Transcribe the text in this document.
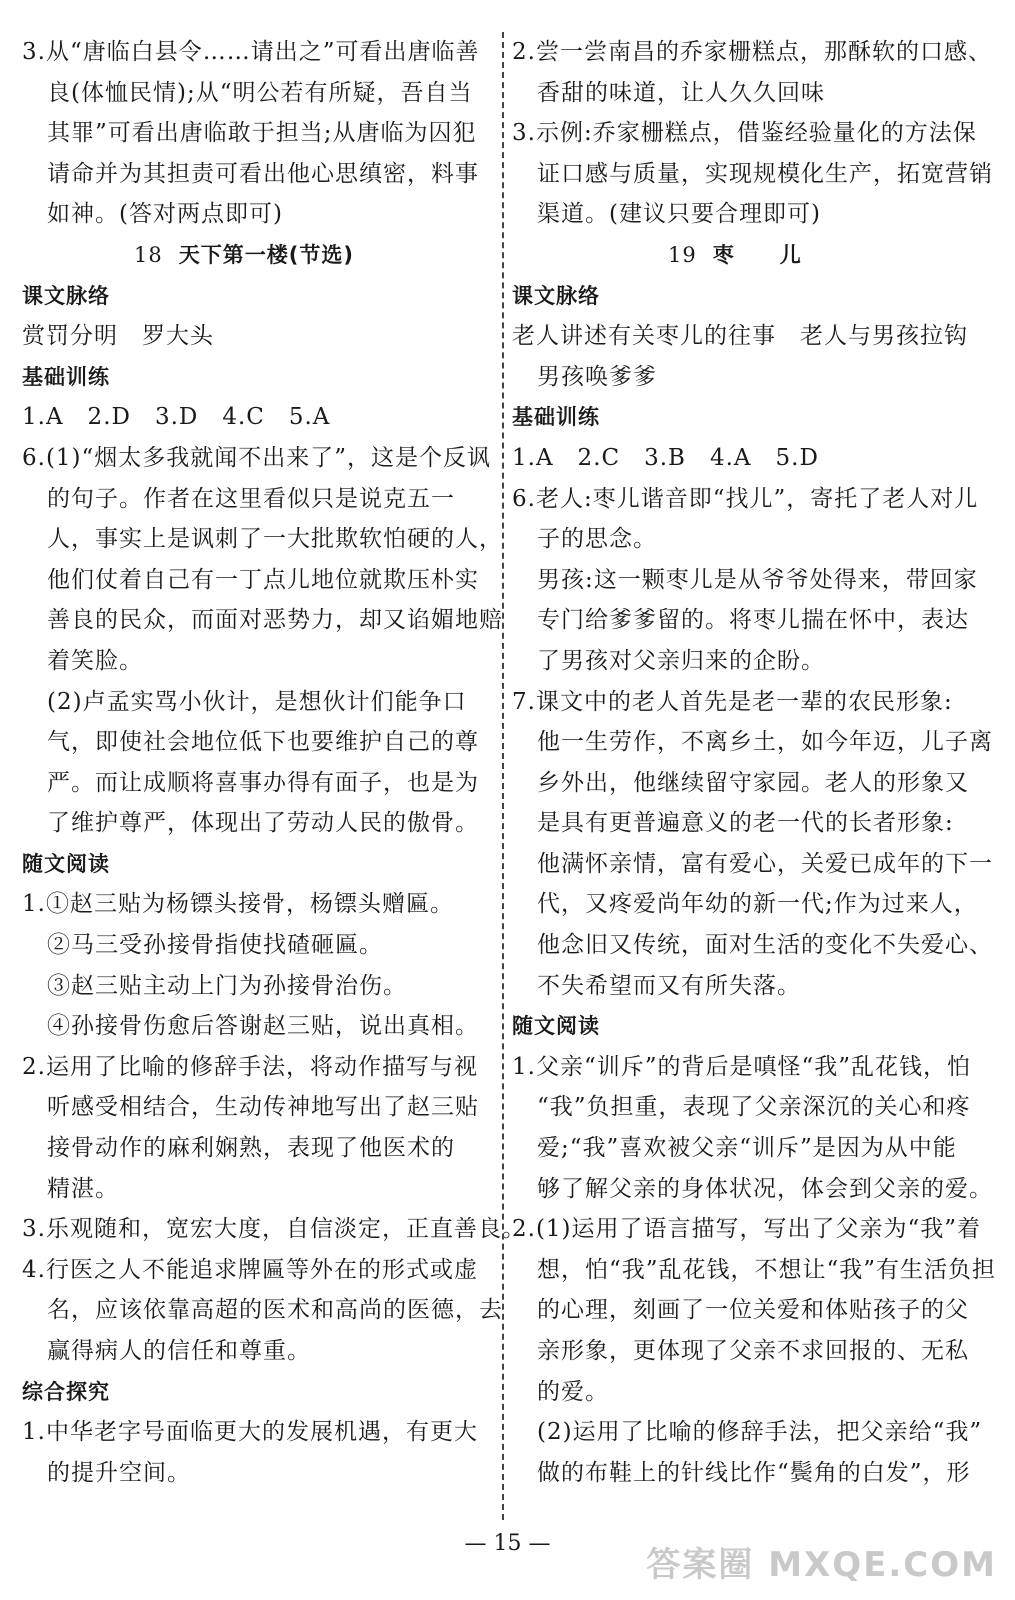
3.从“唐临白县令……请出之”可看出唐临善
良(体恤民情);从“明公若有所疑，吾自当
其罪”可看出唐临敢于担当;从唐临为囚犯
请命并为其担责可看出他心思缜密，料事
如神。(答对两点即可)
18 天下第一楼(节选)
课文脉络
赏罚分明　罗大头
基础训练
1.A　2.D　3.D　4.C　5.A
6.(1)“烟太多我就闻不出来了”，这是个反讽
的句子。作者在这里看似只是说克五一
人，事实上是讽刺了一大批欺软怕硬的人，
他们仗着自己有一丁点儿地位就欺压朴实
善良的民众，而面对恶势力，却又谄媚地赔
着笑脸。
(2)卢孟实骂小伙计，是想伙计们能争口
气，即使社会地位低下也要维护自己的尊
严。而让成顺将喜事办得有面子，也是为
了维护尊严，体现出了劳动人民的傲骨。
随文阅读
1.①赵三贴为杨镖头接骨，杨镖头赠匾。
②马三受孙接骨指使找碴砸匾。
③赵三贴主动上门为孙接骨治伤。
④孙接骨伤愈后答谢赵三贴，说出真相。
2.运用了比喻的修辞手法，将动作描写与视
听感受相结合，生动传神地写出了赵三贴
接骨动作的麻利娴熟，表现了他医术的
精湛。
3.乐观随和，宽宏大度，自信淡定，正直善良。
4.行医之人不能追求牌匾等外在的形式或虚
名，应该依靠高超的医术和高尚的医德，去
赢得病人的信任和尊重。
综合探究
1.中华老字号面临更大的发展机遇，有更大
的提升空间。
2.尝一尝南昌的乔家栅糕点，那酥软的口感、
香甜的味道，让人久久回味
3.示例:乔家栅糕点，借鉴经验量化的方法保
证口感与质量，实现规模化生产，拓宽营销
渠道。(建议只要合理即可)
19 枣儿
课文脉络
老人讲述有关枣儿的往事　老人与男孩拉钩
男孩唤爹爹
基础训练
1.A　2.C　3.B　4.A　5.D
6.老人:枣儿谐音即“找儿”，寄托了老人对儿
子的思念。
男孩:这一颗枣儿是从爷爷处得来，带回家
专门给爹爹留的。将枣儿揣在怀中，表达
了男孩对父亲归来的企盼。
7.课文中的老人首先是老一辈的农民形象:
他一生劳作，不离乡土，如今年迈，儿子离
乡外出，他继续留守家园。老人的形象又
是具有更普遍意义的老一代的长者形象:
他满怀亲情，富有爱心，关爱已成年的下一
代，又疼爱尚年幼的新一代;作为过来人，
他念旧又传统，面对生活的变化不失爱心、
不失希望而又有所失落。
随文阅读
1.父亲“训斥”的背后是嗔怪“我”乱花钱，怕
“我”负担重，表现了父亲深沉的关心和疼
爱;“我”喜欢被父亲“训斥”是因为从中能
够了解父亲的身体状况，体会到父亲的爱。
2.(1)运用了语言描写，写出了父亲为“我”着
想，怕“我”乱花钱，不想让“我”有生活负担
的心理，刻画了一位关爱和体贴孩子的父
亲形象，更体现了父亲不求回报的、无私
的爱。
(2)运用了比喻的修辞手法，把父亲给“我”
做的布鞋上的针线比作“鬓角的白发”，形
— 15 —
答案圈 MXQE.COM
